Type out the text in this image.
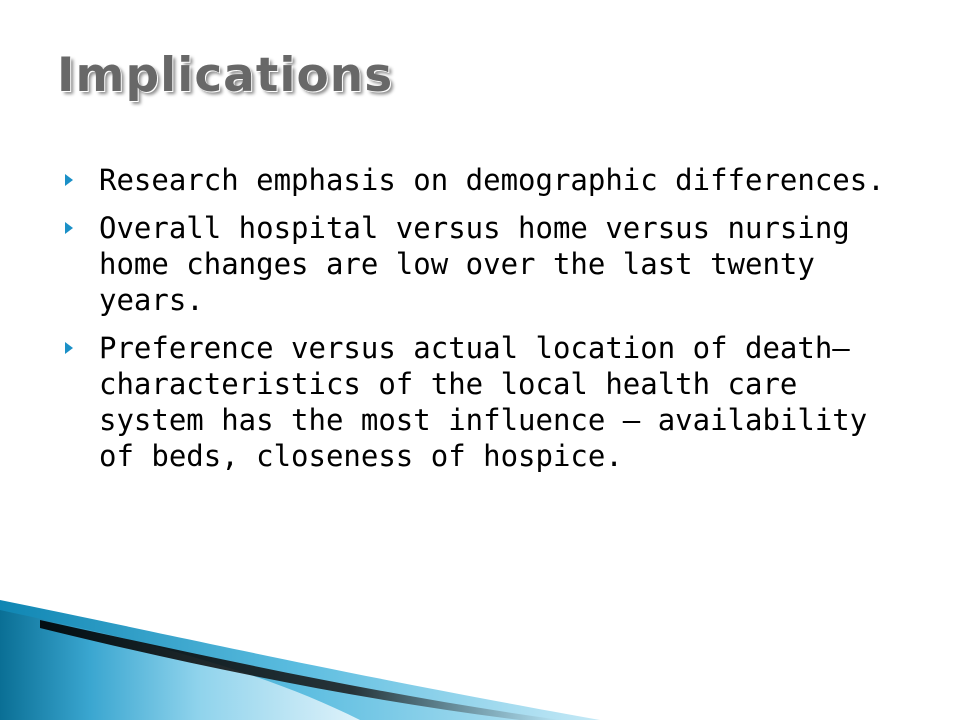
Implications
Research emphasis on demographic differences.
Overall hospital versus home versus nursing home changes are low over the last twenty years.
Preference versus actual location of death– characteristics of the local health care system has the most influence – availability of beds, closeness of hospice.
